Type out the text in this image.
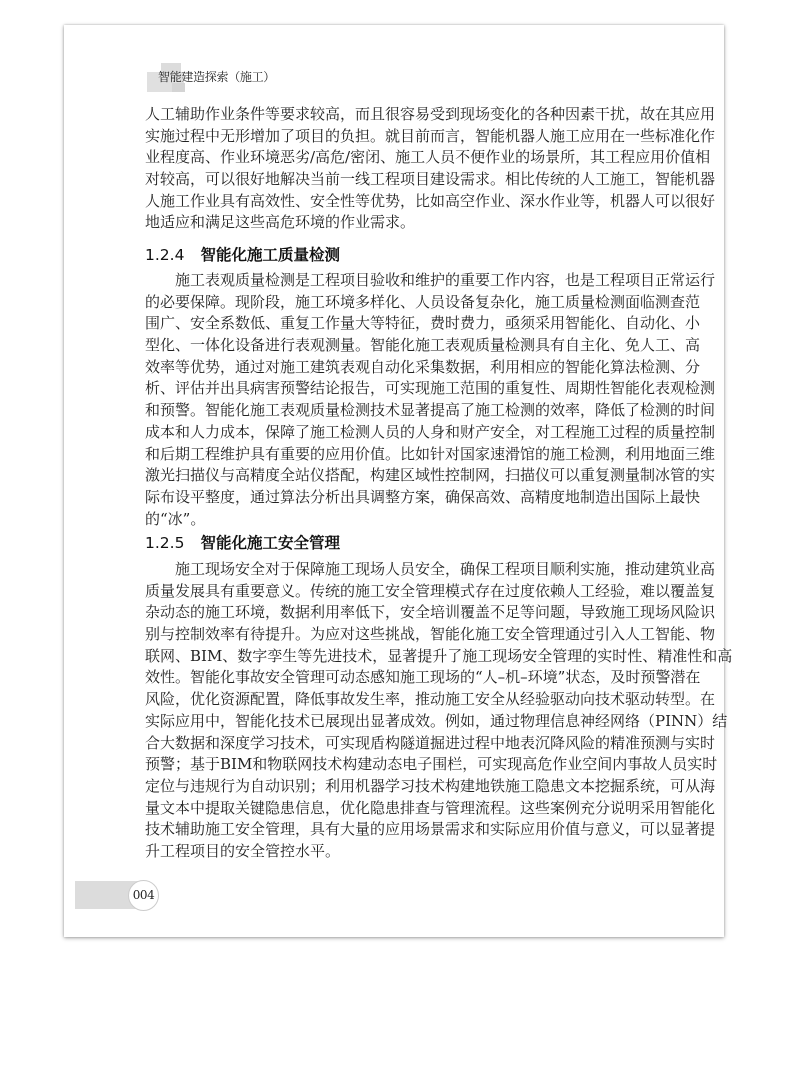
智能建造探索（施工）
人工辅助作业条件等要求较高，而且很容易受到现场变化的各种因素干扰，故在其应用
实施过程中无形增加了项目的负担。就目前而言，智能机器人施工应用在一些标准化作
业程度高、作业环境恶劣/高危/密闭、施工人员不便作业的场景所，其工程应用价值相
对较高，可以很好地解决当前一线工程项目建设需求。相比传统的人工施工，智能机器
人施工作业具有高效性、安全性等优势，比如高空作业、深水作业等，机器人可以很好
地适应和满足这些高危环境的作业需求。
1.2.4 智能化施工质量检测
施工表观质量检测是工程项目验收和维护的重要工作内容，也是工程项目正常运行
的必要保障。现阶段，施工环境多样化、人员设备复杂化，施工质量检测面临测查范
围广、安全系数低、重复工作量大等特征，费时费力，亟须采用智能化、自动化、小
型化、一体化设备进行表观测量。智能化施工表观质量检测具有自主化、免人工、高
效率等优势，通过对施工建筑表观自动化采集数据，利用相应的智能化算法检测、分
析、评估并出具病害预警结论报告，可实现施工范围的重复性、周期性智能化表观检测
和预警。智能化施工表观质量检测技术显著提高了施工检测的效率，降低了检测的时间
成本和人力成本，保障了施工检测人员的人身和财产安全，对工程施工过程的质量控制
和后期工程维护具有重要的应用价值。比如针对国家速滑馆的施工检测，利用地面三维
激光扫描仪与高精度全站仪搭配，构建区域性控制网，扫描仪可以重复测量制冰管的实
际布设平整度，通过算法分析出具调整方案，确保高效、高精度地制造出国际上最快
的“冰”。
1.2.5 智能化施工安全管理
施工现场安全对于保障施工现场人员安全，确保工程项目顺利实施，推动建筑业高
质量发展具有重要意义。传统的施工安全管理模式存在过度依赖人工经验，难以覆盖复
杂动态的施工环境，数据利用率低下，安全培训覆盖不足等问题，导致施工现场风险识
别与控制效率有待提升。为应对这些挑战，智能化施工安全管理通过引入人工智能、物
联网、BIM、数字孪生等先进技术，显著提升了施工现场安全管理的实时性、精准性和高
效性。智能化事故安全管理可动态感知施工现场的“人–机–环境”状态，及时预警潜在
风险，优化资源配置，降低事故发生率，推动施工安全从经验驱动向技术驱动转型。在
实际应用中，智能化技术已展现出显著成效。例如，通过物理信息神经网络（PINN）结
合大数据和深度学习技术，可实现盾构隧道掘进过程中地表沉降风险的精准预测与实时
预警；基于BIM和物联网技术构建动态电子围栏，可实现高危作业空间内事故人员实时
定位与违规行为自动识别；利用机器学习技术构建地铁施工隐患文本挖掘系统，可从海
量文本中提取关键隐患信息，优化隐患排查与管理流程。这些案例充分说明采用智能化
技术辅助施工安全管理，具有大量的应用场景需求和实际应用价值与意义，可以显著提
升工程项目的安全管控水平。
004
